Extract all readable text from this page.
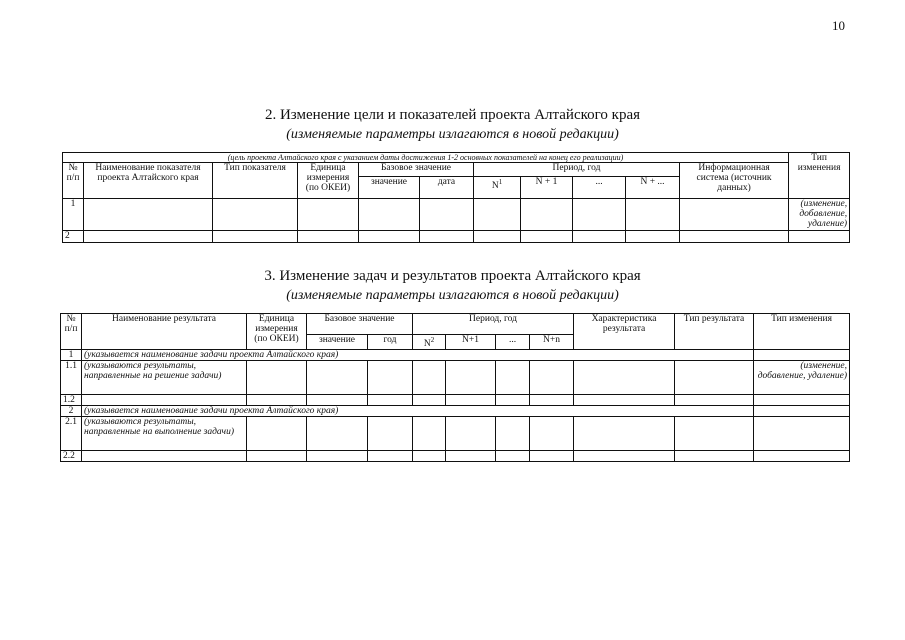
10
2. Изменение цели и показателей проекта Алтайского края
(изменяемые параметры излагаются в новой редакции)
(цель проекта Алтайского края с указанием даты достижения 1-2 основных показателей на конец его реализации)											Тип изменения
№ п/п	Наименование показателя проекта Алтайского края	Тип показателя	Единица измерения (по ОКЕИ)	Базовое значение		Период, год				Информационная система (источник данных)	
				значение	дата	$N^1$	N + 1	...	N + ...		
1											(изменение, добавление, удаление)
2											
3. Изменение задач и результатов проекта Алтайского края
(изменяемые параметры излагаются в новой редакции)
№ п/п	Наименование результата	Единица измерения (по ОКЕИ)	Базовое значение		Период, год				Характеристика результата	Тип результата	Тип изменения
			значение	год	$N^2$	N+1	...	N+n			
1	(указывается наименование задачи проекта Алтайского края)										
1.1	(указываются результаты, направленные на решение задачи)										(изменение, добавление, удаление)
1.2											
2	(указывается наименование задачи проекта Алтайского края)										
2.1	(указываются результаты, направленные на выполнение задачи)										
2.2											
